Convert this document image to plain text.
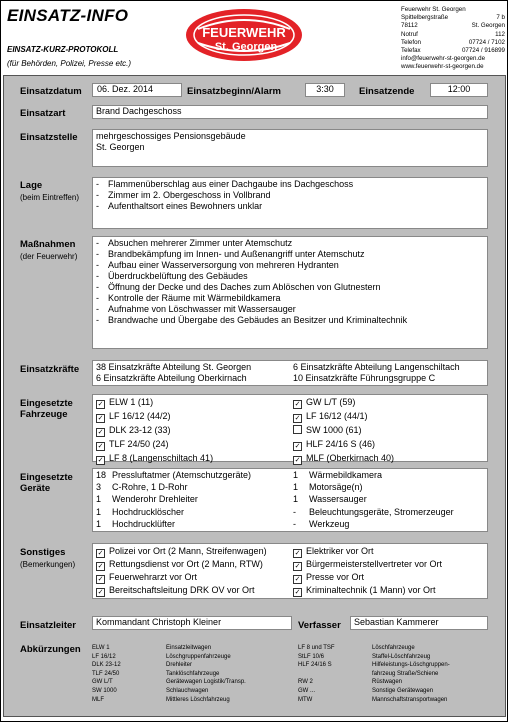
EINSATZ-INFO
EINSATZ-KURZ-PROTOKOLL
(für Behörden, Polizei, Presse etc.)
FEUERWEHR
St. Georgen
Feuerwehr St. Georgen
Spittelbergstraße	7 b
78112	St. Georgen
Notruf	112
Telefon	07724 / 7102
Telefax	07724 / 916899
info@feuerwehr-st-georgen.de
www.feuerwehr-st-georgen.de
Einsatzdatum	06. Dez. 2014	Einsatzbeginn/Alarm	3:30	Einsatzende	12:00
Einsatzart	Brand Dachgeschoss
Einsatzstelle mehrgeschossiges Pensionsgebäude
St. Georgen
Lage
(beim Eintreffen)
-	Flammenüberschlag aus einer Dachgaube ins Dachgeschoss
-	Zimmer im 2. Obergeschoss in Vollbrand
-	Aufenthaltsort eines Bewohners unklar
Maßnahmen
(der Feuerwehr)
-	Absuchen mehrerer Zimmer unter Atemschutz
-	Brandbekämpfung im Innen- und Außenangriff unter Atemschutz
-	Aufbau einer Wasserversorgung von mehreren Hydranten
-	Überdruckbelüftung des Gebäudes
-	Öffnung der Decke und des Daches zum Ablöschen von Glutnestern
-	Kontrolle der Räume mit Wärmebildkamera
-	Aufnahme von Löschwasser mit Wassersauger
-	Brandwache und Übergabe des Gebäudes an Besitzer und Kriminaltechnik
Einsatzkräfte 38 Einsatzkräfte Abteilung St. Georgen	6 Einsatzkräfte Abteilung Langenschiltach
6 Einsatzkräfte Abteilung Oberkirnach	10 Einsatzkräfte Führungsgruppe C
Eingesetzte
Fahrzeuge
✓ ELW 1 (11)	✓ GW L/T (59)
✓ LF 16/12 (44/2)	✓ LF 16/12 (44/1)
✓ DLK 23-12 (33)	SW 1000 (61)
✓ TLF 24/50 (24)	✓ HLF 24/16 S (46)
✓ LF 8 (Langenschiltach 41)	✓ MLF (Oberkirnach 40)
Eingesetzte
Geräte
18 Pressluftatmer (Atemschutzgeräte)	1	Wärmebildkamera
3	C-Rohre, 1 D-Rohr	1	Motorsäge(n)
1	Wenderohr Drehleiter	1	Wassersauger
1	Hochdrucklöscher	-	Beleuchtungsgeräte, Stromerzeuger
1	Hochdrucklüfter	-	Werkzeug
Sonstiges
(Bemerkungen)
✓ Polizei vor Ort (2 Mann, Streifenwagen)	✓ Elektriker vor Ort
✓ Rettungsdienst vor Ort (2 Mann, RTW)	✓ Bürgermeisterstellvertreter vor Ort
✓ Feuerwehrarzt vor Ort	✓ Presse vor Ort
✓ Bereitschaftsleitung DRK OV vor Ort	✓ Kriminaltechnik (1 Mann) vor Ort
Einsatzleiter	Kommandant Christoph Kleiner	Verfasser	Sebastian Kammerer
Abkürzungen ELW 1	Einsatzleitwagen
LF 16/12	Löschgruppenfahrzeuge
DLK 23-12	Drehleiter
TLF 24/50	Tanklöschfahrzeuge
GW L/T	Gerätewagen Logistik/Transp.
SW 1000	Schlauchwagen
MLF	Mittleres Löschfahrzeug
LF 8 und TSF	Löschfahrzeuge
StLF 10/6	Staffel-Löschfahrzeug
HLF 24/16 S	Hilfeleistungs-Löschgruppen-
fahrzeug Straße/Schiene
RW 2	Rüstwagen
GW ...	Sonstige Gerätewagen
MTW	Mannschaftstransportwagen
